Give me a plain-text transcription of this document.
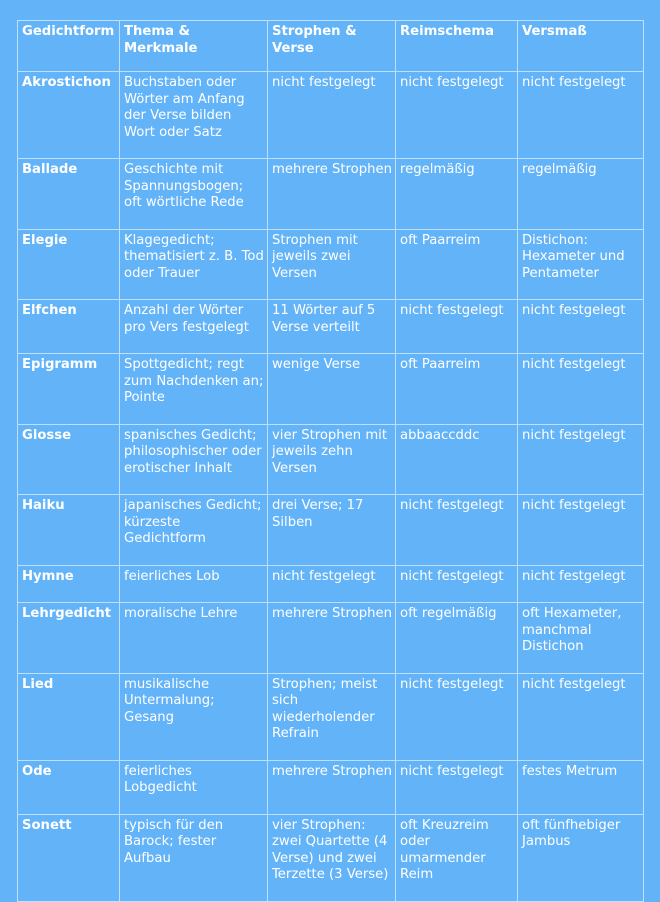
Gedichtform	Thema & Merkmale	Strophen & Verse	Reimschema	Versmaß
Akrostichon	Buchstaben oder Wörter am Anfang der Verse bilden Wort oder Satz	nicht festgelegt	nicht festgelegt	nicht festgelegt
Ballade	Geschichte mit Spannungsbogen; oft wörtliche Rede	mehrere Strophen	regelmäßig	regelmäßig
Elegie	Klagegedicht; thematisiert z. B. Tod oder Trauer	Strophen mit jeweils zwei Versen	oft Paarreim	Distichon: Hexameter und Pentameter
Elfchen	Anzahl der Wörter pro Vers festgelegt	11 Wörter auf 5 Verse verteilt	nicht festgelegt	nicht festgelegt
Epigramm	Spottgedicht; regt zum Nachdenken an; Pointe	wenige Verse	oft Paarreim	nicht festgelegt
Glosse	spanisches Gedicht; philosophischer oder erotischer Inhalt	vier Strophen mit jeweils zehn Versen	abbaaccddc	nicht festgelegt
Haiku	japanisches Gedicht; kürzeste Gedichtform	drei Verse; 17 Silben	nicht festgelegt	nicht festgelegt
Hymne	feierliches Lob	nicht festgelegt	nicht festgelegt	nicht festgelegt
Lehrgedicht	moralische Lehre	mehrere Strophen	oft regelmäßig	oft Hexameter, manchmal Distichon
Lied	musikalische Untermalung; Gesang	Strophen; meist sich wiederholender Refrain	nicht festgelegt	nicht festgelegt
Ode	feierliches Lobgedicht	mehrere Strophen	nicht festgelegt	festes Metrum
Sonett	typisch für den Barock; fester Aufbau	vier Strophen: zwei Quartette (4 Verse) und zwei Terzette (3 Verse)	oft Kreuzreim oder umarmender Reim	oft fünfhebiger Jambus
